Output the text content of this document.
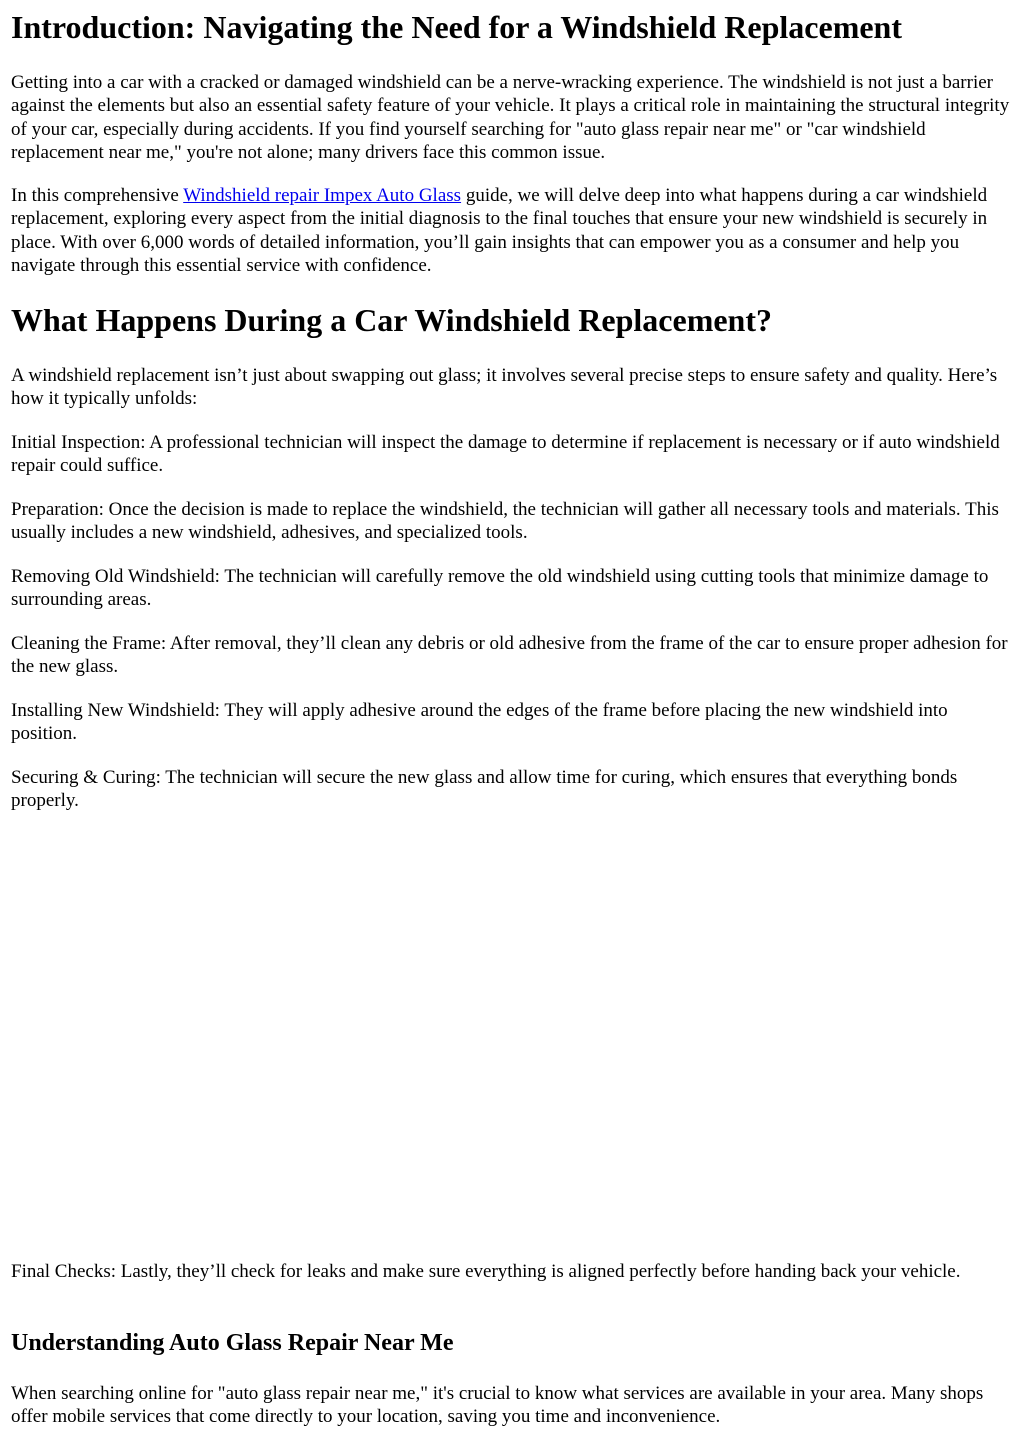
Introduction: Navigating the Need for a Windshield Replacement

Getting into a car with a cracked or damaged windshield can be a nerve-wracking experience. The windshield is not just a barrier against the elements but also an essential safety feature of your vehicle. It plays a critical role in maintaining the structural integrity of your car, especially during accidents. If you find yourself searching for "auto glass repair near me" or "car windshield replacement near me," you're not alone; many drivers face this common issue.

In this comprehensive Windshield repair Impex Auto Glass guide, we will delve deep into what happens during a car windshield replacement, exploring every aspect from the initial diagnosis to the final touches that ensure your new windshield is securely in place. With over 6,000 words of detailed information, you’ll gain insights that can empower you as a consumer and help you navigate through this essential service with confidence.

What Happens During a Car Windshield Replacement?

A windshield replacement isn’t just about swapping out glass; it involves several precise steps to ensure safety and quality. Here’s how it typically unfolds:

Initial Inspection: A professional technician will inspect the damage to determine if replacement is necessary or if auto windshield repair could suffice.

Preparation: Once the decision is made to replace the windshield, the technician will gather all necessary tools and materials. This usually includes a new windshield, adhesives, and specialized tools.

Removing Old Windshield: The technician will carefully remove the old windshield using cutting tools that minimize damage to surrounding areas.

Cleaning the Frame: After removal, they’ll clean any debris or old adhesive from the frame of the car to ensure proper adhesion for the new glass.

Installing New Windshield: They will apply adhesive around the edges of the frame before placing the new windshield into position.

Securing & Curing: The technician will secure the new glass and allow time for curing, which ensures that everything bonds properly.

Final Checks: Lastly, they’ll check for leaks and make sure everything is aligned perfectly before handing back your vehicle.

Understanding Auto Glass Repair Near Me

When searching online for "auto glass repair near me," it's crucial to know what services are available in your area. Many shops offer mobile services that come directly to your location, saving you time and inconvenience.
